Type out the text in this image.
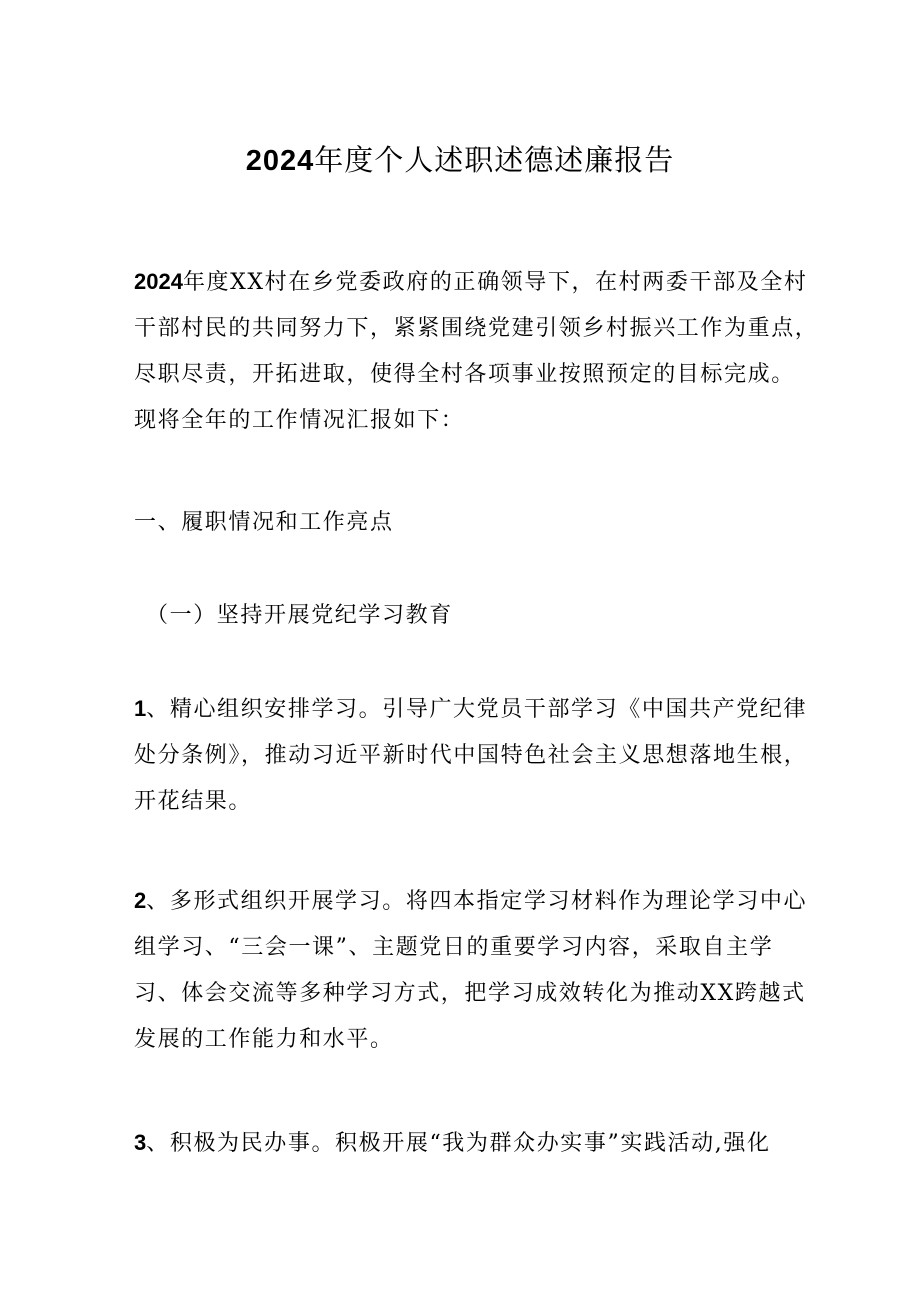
2024年度个人述职述德述廉报告
2024年度XX村在乡党委政府的正确领导下，在村两委干部及全村
干部村民的共同努力下，紧紧围绕党建引领乡村振兴工作为重点，
尽职尽责，开拓进取，使得全村各项事业按照预定的目标完成。
现将全年的工作情况汇报如下：
一、履职情况和工作亮点
（一）坚持开展党纪学习教育
1、精心组织安排学习。引导广大党员干部学习《中国共产党纪律
处分条例》，推动习近平新时代中国特色社会主义思想落地生根，
开花结果。
2、多形式组织开展学习。将四本指定学习材料作为理论学习中心
组学习、“三会一课”、主题党日的重要学习内容，采取自主学
习、体会交流等多种学习方式，把学习成效转化为推动XX跨越式
发展的工作能力和水平。
3、积极为民办事。积极开展“我为群众办实事”实践活动,强化
